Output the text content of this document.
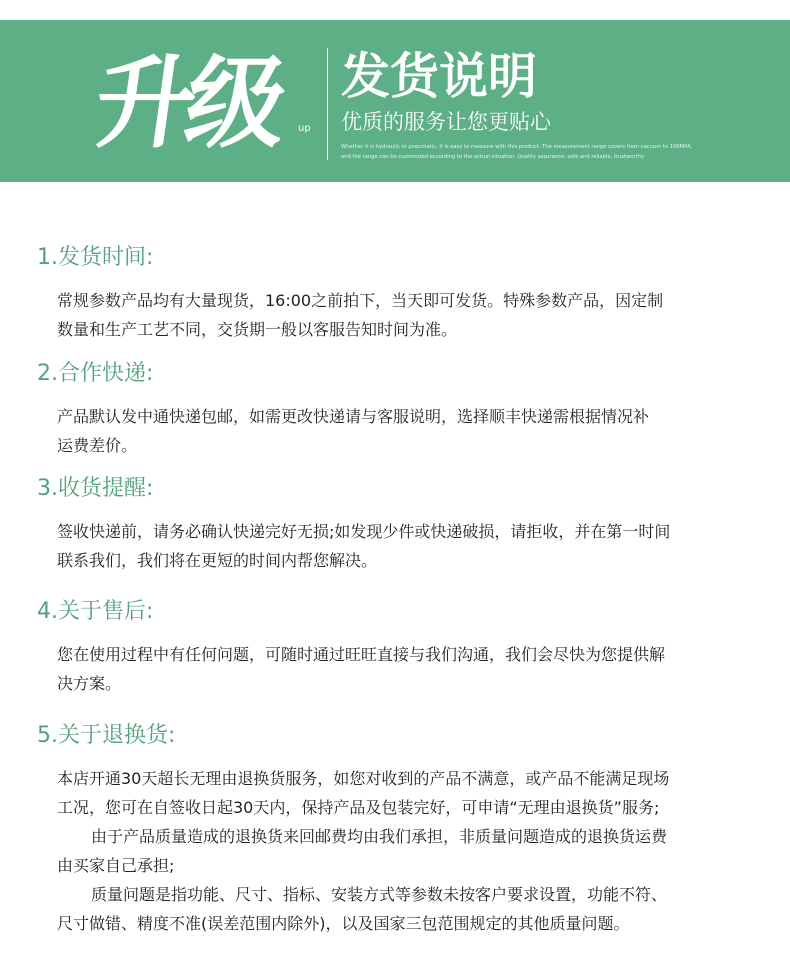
升级 up
发货说明
优质的服务让您更贴心
Whether it is hydraulic or pneumatic, it is easy to measure with this product. The measurement range covers from vacuum to 100MPA,
and the range can be customized according to the actual situation. Quality assurance, safe and reliable, trustworthy
1.发货时间:
常规参数产品均有大量现货，16:00之前拍下，当天即可发货。特殊参数产品，因定制
数量和生产工艺不同，交货期一般以客服告知时间为准。
2.合作快递:
产品默认发中通快递包邮，如需更改快递请与客服说明，选择顺丰快递需根据情况补
运费差价。
3.收货提醒:
签收快递前，请务必确认快递完好无损;如发现少件或快递破损，请拒收，并在第一时间
联系我们，我们将在更短的时间内帮您解决。
4.关于售后:
您在使用过程中有任何问题，可随时通过旺旺直接与我们沟通，我们会尽快为您提供解
决方案。
5.关于退换货:
本店开通30天超长无理由退换货服务，如您对收到的产品不满意，或产品不能满足现场
工况，您可在自签收日起30天内，保持产品及包装完好，可申请“无理由退换货”服务;
由于产品质量造成的退换货来回邮费均由我们承担，非质量问题造成的退换货运费
由买家自己承担;
质量问题是指功能、尺寸、指标、安装方式等参数未按客户要求设置，功能不符、
尺寸做错、精度不准(误差范围内除外)，以及国家三包范围规定的其他质量问题。
